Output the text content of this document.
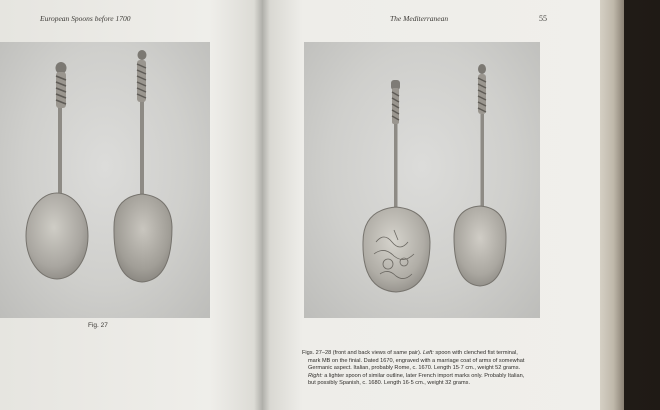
European Spoons before 1700
Fig. 27
The Mediterranean	55

Figs. 27–28 (front and back views of same pair). Left: spoon with clenched fist terminal,

mark MB on the finial. Dated 1670, engraved with a marriage coat of arms of somewhat

Germanic aspect. Italian, probably Rome, c. 1670. Length 15·7 cm., weight 52 grams.

Right: a lighter spoon of similar outline, later French import marks only. Probably Italian,

but possibly Spanish, c. 1680. Length 16·5 cm., weight 32 grams.
